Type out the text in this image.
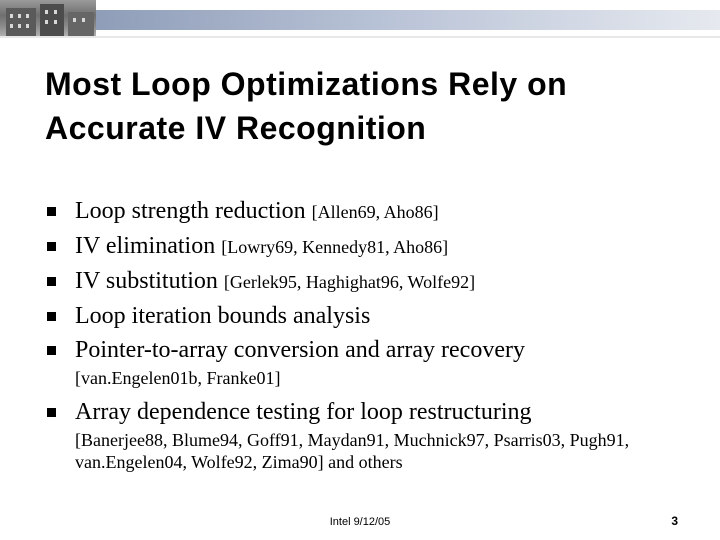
Most Loop Optimizations Rely on Accurate IV Recognition
Loop strength reduction [Allen69, Aho86]
IV elimination [Lowry69, Kennedy81, Aho86]
IV substitution [Gerlek95, Haghighat96, Wolfe92]
Loop iteration bounds analysis
Pointer-to-array conversion and array recovery
[van.Engelen01b, Franke01]
Array dependence testing for loop restructuring
[Banerjee88, Blume94, Goff91, Maydan91, Muchnick97, Psarris03, Pugh91, van.Engelen04, Wolfe92, Zima90] and others
Intel 9/12/05	3
